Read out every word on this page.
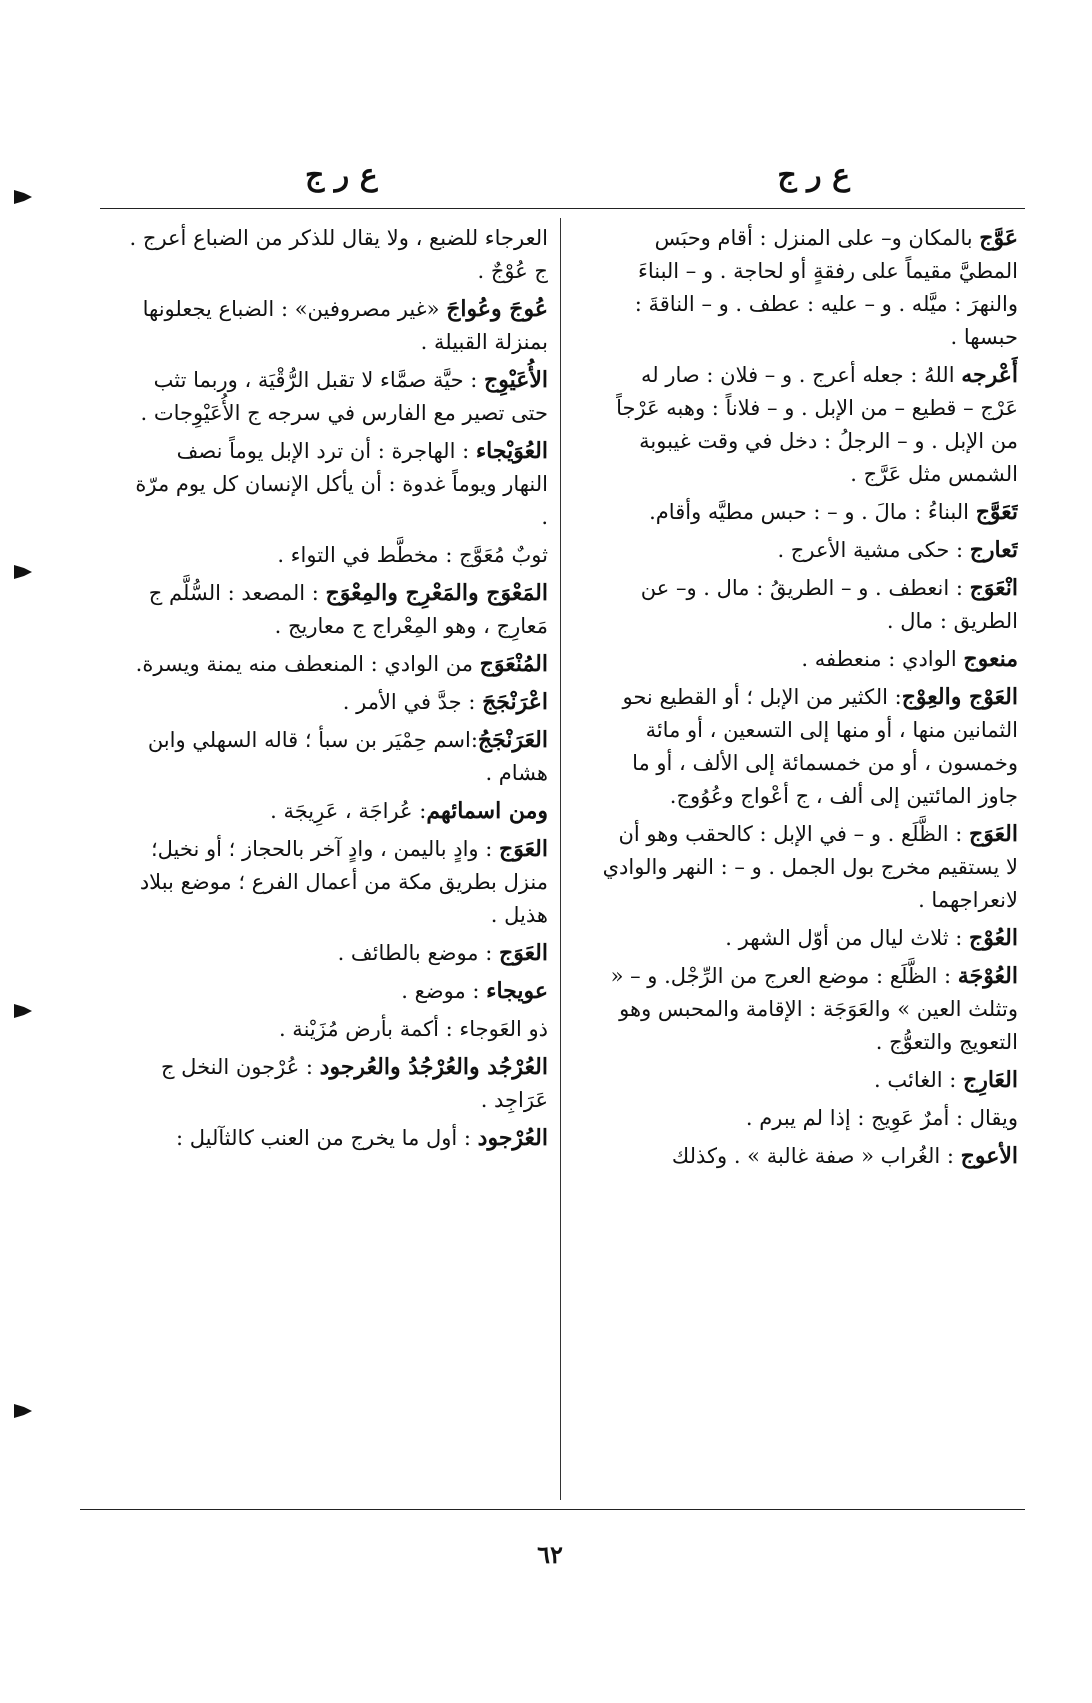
ع ر ج
ع ر ج

عَوَّج بالمكان و– على المنزل : أقام وحبَس المطيَّ مقيماً على رفقةٍ أو لحاجة . و – البناءَ والنهرَ : ميَّله . و – عليه : عطف . و – الناقةَ : حبسها .

أَعْرجه اللهُ : جعله أعرج . و – فلان : صار له عَرْج – قطيع – من الإبل . و – فلاناً : وهبه عَرْجاً من الإبل . و – الرجلُ : دخل في وقت غيبوبة الشمس مثل عَرَّج .

تَعَوَّج البناءُ : مالَ . و – : حبس مطيَّه وأقام.

تَعارج : حكى مشية الأعرج .

انْعَوَج : انعطف . و – الطريقُ : مال . و– عن الطريق : مال .

منعوج الوادي : منعطفه .

العَوْج والعِوْج: الكثير من الإبل ؛ أو القطيع نحو الثمانين منها ، أو منها إلى التسعين ، أو مائة وخمسون ، أو من خمسمائة إلى الألف ، أو ما جاوز المائتين إلى ألف ، ج أعْواج وعُوُوج.

العَوَج : الظَّلَع . و – في الإبل : كالحقب وهو أن لا يستقيم مخرج بول الجمل . و – : النهر والوادي لانعراجهما .

العُوْج : ثلاث ليال من أوّل الشهر .

العُوْجَة : الظَّلَع : موضع العرج من الرِّجْل. و – « وتثلث العين » والعَوَجَة : الإقامة والمحبس وهو التعويج والتعوُّج .

العَارِج : الغائب .

ويقال : أمرٌ عَوِيج : إذا لم يبرم .

الأعوج : الغُراب « صفة غالبة » . وكذلك

العرجاء للضبع ، ولا يقال للذكر من الضباع أعرج . ج عُوْجٌ .

عُوجَ وعُواجَ «غير مصروفين» : الضباع يجعلونها بمنزلة القبيلة .

الأُعَيْوِج : حيَّة صمَّاء لا تقبل الرُّقْيَة ، وربما تثب حتى تصير مع الفارس في سرجه ج الأُعَيْوِجات .

العُوَيْجاء : الهاجرة : أن ترد الإبل يوماً نصف النهار ويوماً غدوة : أن يأكل الإنسان كل يوم مرّة .

ثوبٌ مُعَوَّج : مخطَّط في التواء .

المَعْوَج والمَعْرِج والمِعْوَج : المصعد : السُّلَّم ج مَعارِج ، وهو المِعْراج ج معاريج .

المُنْعَوَج من الوادي : المنعطف منه يمنة ويسرة.

اعْرَنْجَجَ : جدَّ في الأمر .

العَرَنْجَجُ:اسم حِمْيَر بن سبأ ؛ قاله السهلي وابن هشام .

ومن اسمائهم: عُراجَة ، عَرِيجَة .

العَوَج : وادٍ باليمن ، وادٍ آخر بالحجاز ؛ أو نخيل؛منزل بطريق مكة من أعمال الفرع ؛ موضع ببلاد هذيل .

العَوَج : موضع بالطائف .

عويجاء : موضع .

ذو العَوجاء : أكمة بأرض مُزَيْنة .

العُرْجُد والعُرْجُدُ والعُرجود : عُرْجون النخل ج عَرَاجِد .

العُرْجود : أول ما يخرج من العنب كالثآليل :

٦٢
